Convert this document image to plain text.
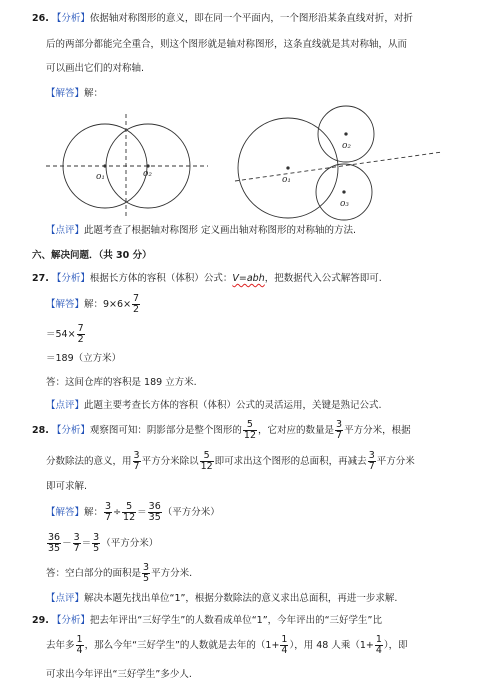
26. 【分析】依据轴对称图形的意义，即在同一个平面内，一个图形沿某条直线对折，对折
后的两部分都能完全重合，则这个图形就是轴对称图形，这条直线就是其对称轴，从而
可以画出它们的对称轴.
【解答】解：
o₁	o₂
o₁
o₂
o₃
【点评】此题考查了根据轴对称图形 定义画出轴对称图形的对称轴的方法.
六、解决问题．（共 30 分）
27. 【分析】根据长方体的容积（体积）公式：V=abh，把数据代入公式解答即可.
【解答】解：$9\times 6\times \frac{7}{2}$
$=54\times \frac{7}{2}$
＝189（立方米）
答：这间仓库的容积是 189 立方米.
【点评】此题主要考查长方体的容积（体积）公式的灵活运用，关键是熟记公式.
28. 【分析】观察图可知：阴影部分是整个图形的 $\frac{5}{12}$ ，它对应的数量是 $\frac{3}{7}$ 平方分米，根据
分数除法的意义，用 $\frac{3}{7}$ 平方分米除以 $\frac{5}{12}$ 即可求出这个图形的总面积，再减去 $\frac{3}{7}$ 平方分米
即可求解.
【解答】解： $\frac{3}{7} \div \frac{5}{12} = \frac{36}{35}$ （平方分米）
$\frac{36}{35} - \frac{3}{7} = \frac{3}{5}$ （平方分米）
答：空白部分的面积是 $\frac{3}{5}$ 平方分米.
【点评】解决本题先找出单位“1”，根据分数除法的意义求出总面积，再进一步求解.
29. 【分析】把去年评出“三好学生”的人数看成单位“1”，今年评出的“三好学生”比
去年多 $\frac{1}{4}$ ，那么今年“三好学生”的人数就是去年的（$1+ \frac{1}{4}$ ），用 48 人乘（$1+ \frac{1}{4}$ ），即
可求出今年评出“三好学生”多少人.
